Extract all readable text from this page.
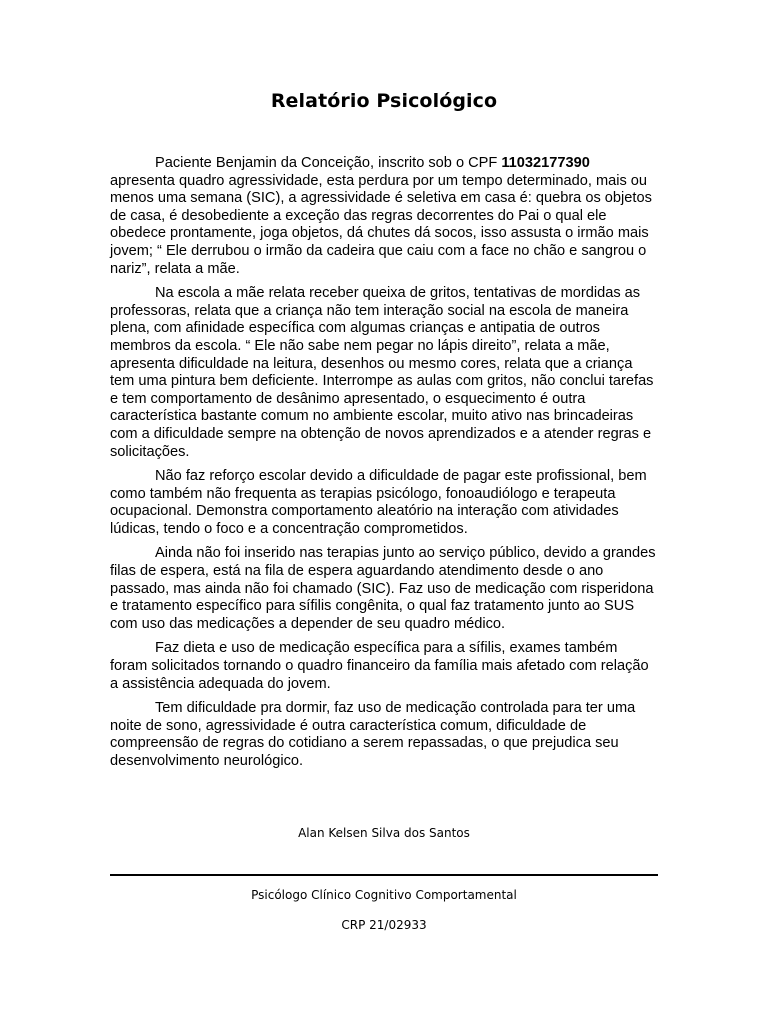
Relatório Psicológico

Paciente Benjamin da Conceição, inscrito sob o CPF 11032177390 apresenta quadro agressividade, esta perdura por um tempo determinado, mais ou menos uma semana (SIC), a agressividade é seletiva em casa é: quebra os objetos de casa, é desobediente a exceção das regras decorrentes do Pai o qual ele obedece prontamente, joga objetos, dá chutes dá socos, isso assusta o irmão mais jovem; “ Ele derrubou o irmão da cadeira que caiu com a face no chão e sangrou o nariz”, relata a mãe.

Na escola a mãe relata receber queixa de gritos, tentativas de mordidas as professoras, relata que a criança não tem interação social na escola de maneira plena, com afinidade específica com algumas crianças e antipatia de outros membros da escola. “ Ele não sabe nem pegar no lápis direito”, relata a mãe, apresenta dificuldade na leitura, desenhos ou mesmo cores, relata que a criança tem uma pintura bem deficiente. Interrompe as aulas com gritos, não conclui tarefas e tem comportamento de desânimo apresentado, o esquecimento é outra característica bastante comum no ambiente escolar, muito ativo nas brincadeiras com a dificuldade sempre na obtenção de novos aprendizados e a atender regras e solicitações.

Não faz reforço escolar devido a dificuldade de pagar este profissional, bem como também não frequenta as terapias psicólogo, fonoaudiólogo e terapeuta ocupacional. Demonstra comportamento aleatório na interação com atividades lúdicas, tendo o foco e a concentração comprometidos.

Ainda não foi inserido nas terapias junto ao serviço público, devido a grandes filas de espera, está na fila de espera aguardando atendimento desde o ano passado, mas ainda não foi chamado (SIC). Faz uso de medicação com risperidona e tratamento específico para sífilis congênita, o qual faz tratamento junto ao SUS com uso das medicações a depender de seu quadro médico.

Faz dieta e uso de medicação específica para a sífilis, exames também foram solicitados tornando o quadro financeiro da família mais afetado com relação a assistência adequada do jovem.

Tem dificuldade pra dormir, faz uso de medicação controlada para ter uma noite de sono, agressividade é outra característica comum, dificuldade de compreensão de regras do cotidiano a serem repassadas, o que prejudica seu desenvolvimento neurológico.

Alan Kelsen Silva dos Santos
Psicólogo Clínico Cognitivo Comportamental
CRP 21/02933
